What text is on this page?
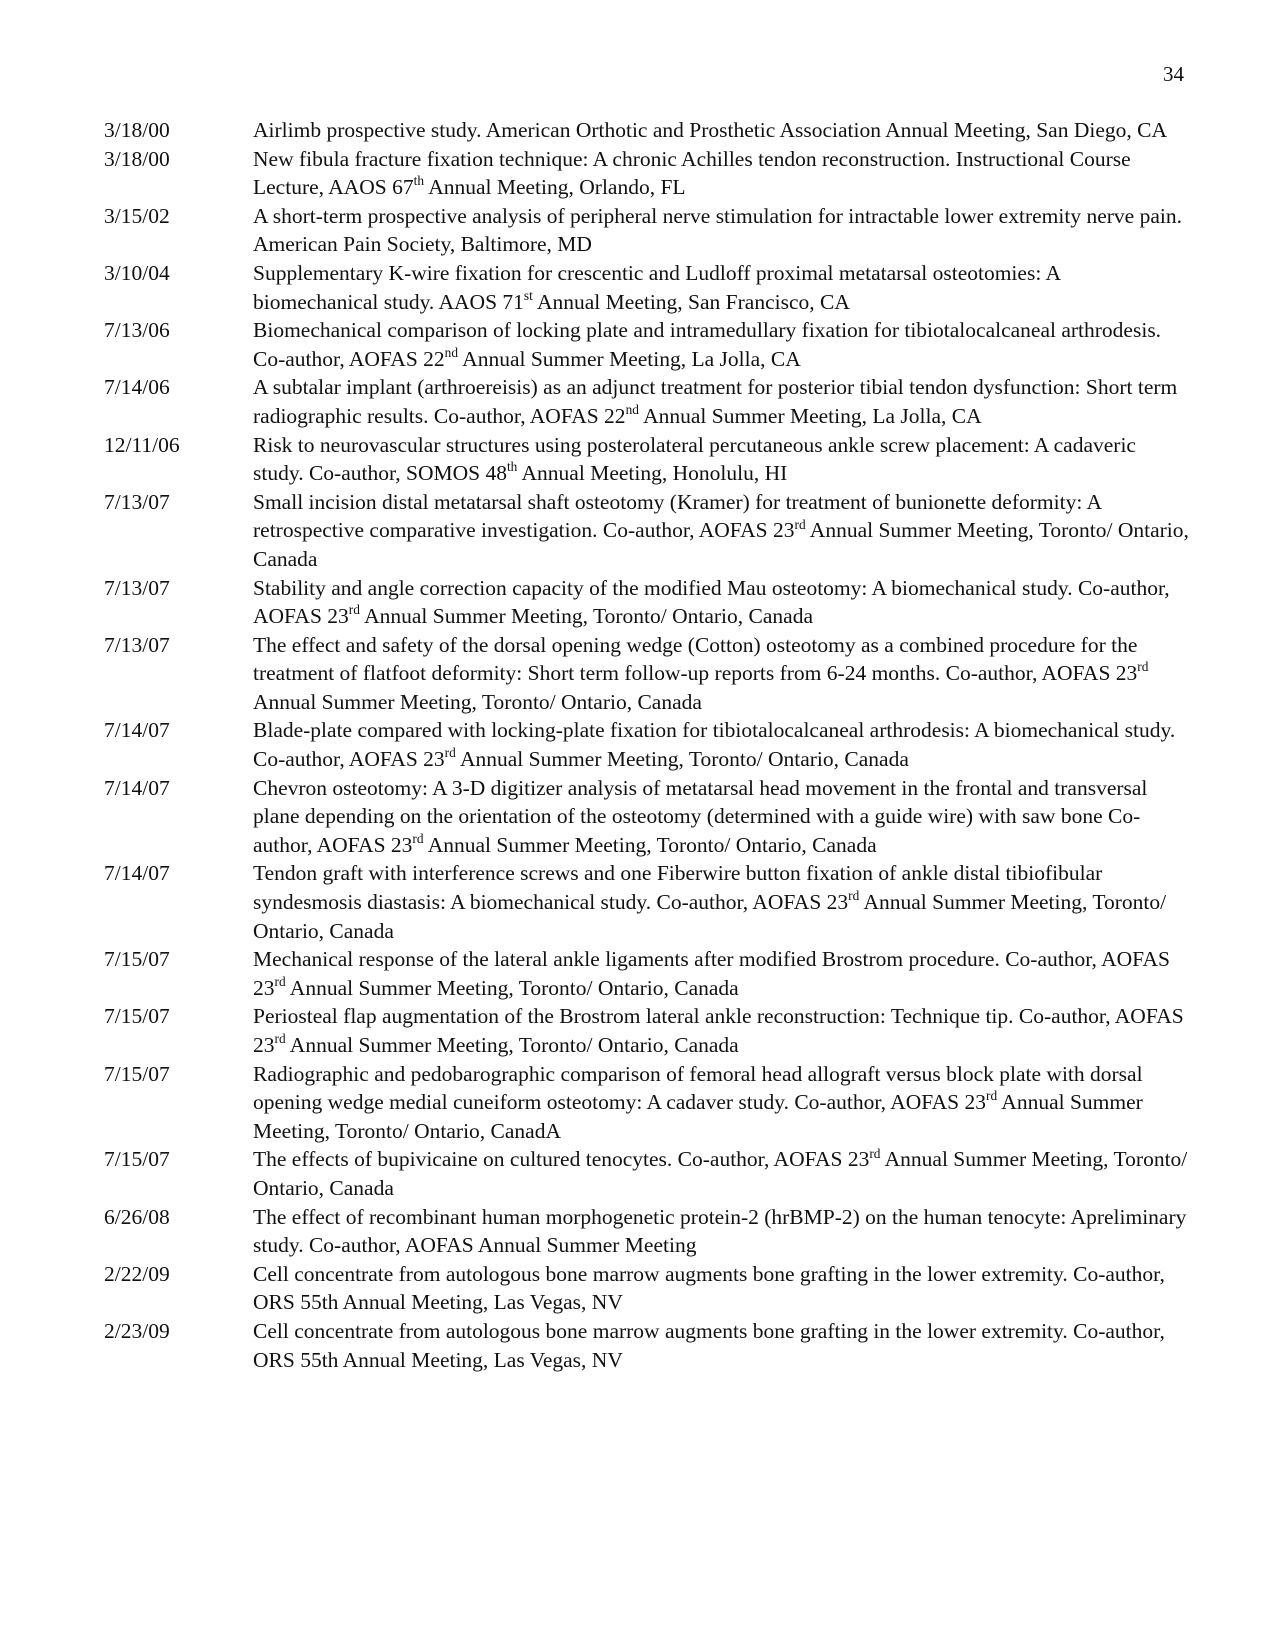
34
3/18/00	Airlimb prospective study. American Orthotic and Prosthetic Association Annual Meeting, San Diego, CA
3/18/00	New fibula fracture fixation technique: A chronic Achilles tendon reconstruction. Instructional Course Lecture, AAOS 67th Annual Meeting, Orlando, FL
3/15/02	A short-term prospective analysis of peripheral nerve stimulation for intractable lower extremity nerve pain. American Pain Society, Baltimore, MD
3/10/04	Supplementary K-wire fixation for crescentic and Ludloff proximal metatarsal osteotomies: A biomechanical study. AAOS 71st Annual Meeting, San Francisco, CA
7/13/06	Biomechanical comparison of locking plate and intramedullary fixation for tibiotalocalcaneal arthrodesis. Co-author, AOFAS 22nd Annual Summer Meeting, La Jolla, CA
7/14/06	A subtalar implant (arthroereisis) as an adjunct treatment for posterior tibial tendon dysfunction: Short term radiographic results. Co-author, AOFAS 22nd Annual Summer Meeting, La Jolla, CA
12/11/06	Risk to neurovascular structures using posterolateral percutaneous ankle screw placement: A cadaveric study. Co-author, SOMOS 48th Annual Meeting, Honolulu, HI
7/13/07	Small incision distal metatarsal shaft osteotomy (Kramer) for treatment of bunionette deformity: A retrospective comparative investigation. Co-author, AOFAS 23rd Annual Summer Meeting, Toronto/ Ontario, Canada
7/13/07	Stability and angle correction capacity of the modified Mau osteotomy: A biomechanical study. Co-author, AOFAS 23rd Annual Summer Meeting, Toronto/ Ontario, Canada
7/13/07	The effect and safety of the dorsal opening wedge (Cotton) osteotomy as a combined procedure for the treatment of flatfoot deformity: Short term follow-up reports from 6-24 months. Co-author, AOFAS 23rd Annual Summer Meeting, Toronto/ Ontario, Canada
7/14/07	Blade-plate compared with locking-plate fixation for tibiotalocalcaneal arthrodesis: A biomechanical study. Co-author, AOFAS 23rd Annual Summer Meeting, Toronto/ Ontario, Canada
7/14/07	Chevron osteotomy: A 3-D digitizer analysis of metatarsal head movement in the frontal and transversal plane depending on the orientation of the osteotomy (determined with a guide wire) with saw bone Co-author, AOFAS 23rd Annual Summer Meeting, Toronto/ Ontario, Canada
7/14/07	Tendon graft with interference screws and one Fiberwire button fixation of ankle distal tibiofibular syndesmosis diastasis: A biomechanical study. Co-author, AOFAS 23rd Annual Summer Meeting, Toronto/ Ontario, Canada
7/15/07	Mechanical response of the lateral ankle ligaments after modified Brostrom procedure. Co-author, AOFAS 23rd Annual Summer Meeting, Toronto/ Ontario, Canada
7/15/07	Periosteal flap augmentation of the Brostrom lateral ankle reconstruction: Technique tip. Co-author, AOFAS 23rd Annual Summer Meeting, Toronto/ Ontario, Canada
7/15/07	Radiographic and pedobarographic comparison of femoral head allograft versus block plate with dorsal opening wedge medial cuneiform osteotomy: A cadaver study. Co-author, AOFAS 23rd Annual Summer Meeting, Toronto/ Ontario, CanadA
7/15/07	The effects of bupivicaine on cultured tenocytes. Co-author, AOFAS 23rd Annual Summer Meeting, Toronto/ Ontario, Canada
6/26/08	The effect of recombinant human morphogenetic protein-2 (hrBMP-2) on the human tenocyte: Apreliminary study. Co-author, AOFAS Annual Summer Meeting
2/22/09	Cell concentrate from autologous bone marrow augments bone grafting in the lower extremity. Co-author, ORS 55th Annual Meeting, Las Vegas, NV
2/23/09	Cell concentrate from autologous bone marrow augments bone grafting in the lower extremity. Co-author, ORS 55th Annual Meeting, Las Vegas, NV
